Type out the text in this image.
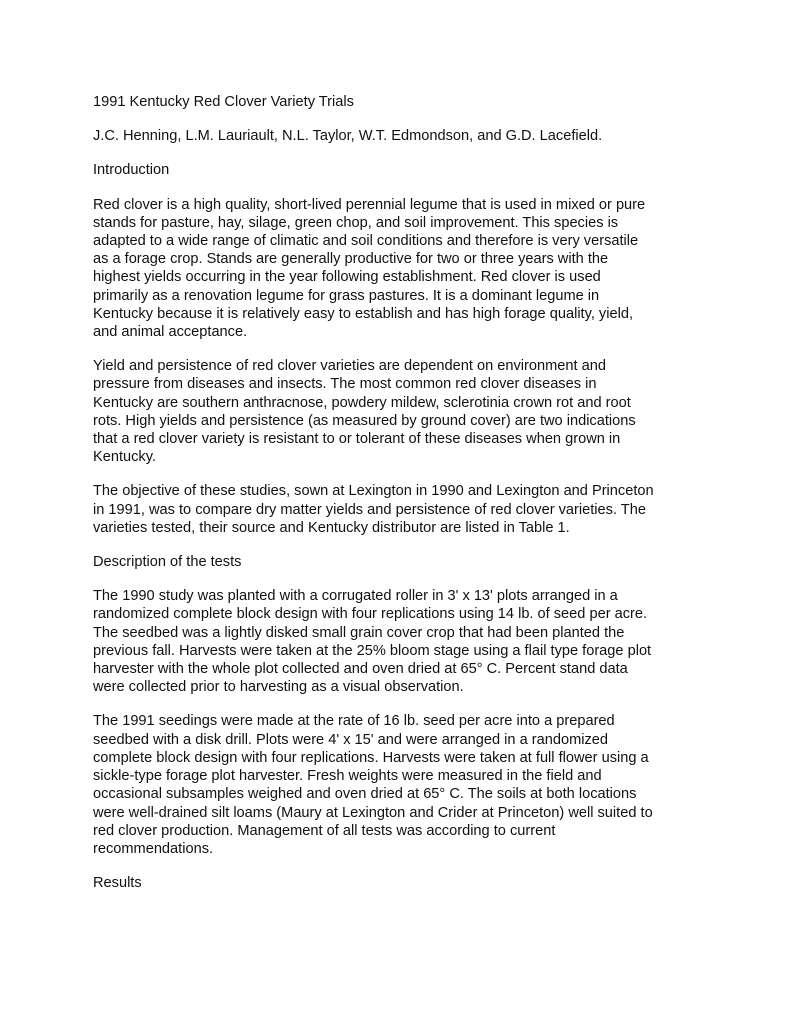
1991 Kentucky Red Clover Variety Trials
J.C. Henning, L.M. Lauriault, N.L. Taylor, W.T. Edmondson, and G.D. Lacefield.
Introduction
Red clover is a high quality, short-lived perennial legume that is used in mixed or pure
stands for pasture, hay, silage, green chop, and soil improvement. This species is
adapted to a wide range of climatic and soil conditions and therefore is very versatile
as a forage crop. Stands are generally productive for two or three years with the
highest yields occurring in the year following establishment. Red clover is used
primarily as a renovation legume for grass pastures. It is a dominant legume in
Kentucky because it is relatively easy to establish and has high forage quality, yield,
and animal acceptance.
Yield and persistence of red clover varieties are dependent on environment and
pressure from diseases and insects. The most common red clover diseases in
Kentucky are southern anthracnose, powdery mildew, sclerotinia crown rot and root
rots. High yields and persistence (as measured by ground cover) are two indications
that a red clover variety is resistant to or tolerant of these diseases when grown in
Kentucky.
The objective of these studies, sown at Lexington in 1990 and Lexington and Princeton
in 1991, was to compare dry matter yields and persistence of red clover varieties. The
varieties tested, their source and Kentucky distributor are listed in Table 1.
Description of the tests
The 1990 study was planted with a corrugated roller in 3' x 13' plots arranged in a
randomized complete block design with four replications using 14 lb. of seed per acre.
The seedbed was a lightly disked small grain cover crop that had been planted the
previous fall. Harvests were taken at the 25% bloom stage using a flail type forage plot
harvester with the whole plot collected and oven dried at 65° C. Percent stand data
were collected prior to harvesting as a visual observation.
The 1991 seedings were made at the rate of 16 lb. seed per acre into a prepared
seedbed with a disk drill. Plots were 4' x 15' and were arranged in a randomized
complete block design with four replications. Harvests were taken at full flower using a
sickle-type forage plot harvester. Fresh weights were measured in the field and
occasional subsamples weighed and oven dried at 65° C. The soils at both locations
were well-drained silt loams (Maury at Lexington and Crider at Princeton) well suited to
red clover production. Management of all tests was according to current
recommendations.
Results
